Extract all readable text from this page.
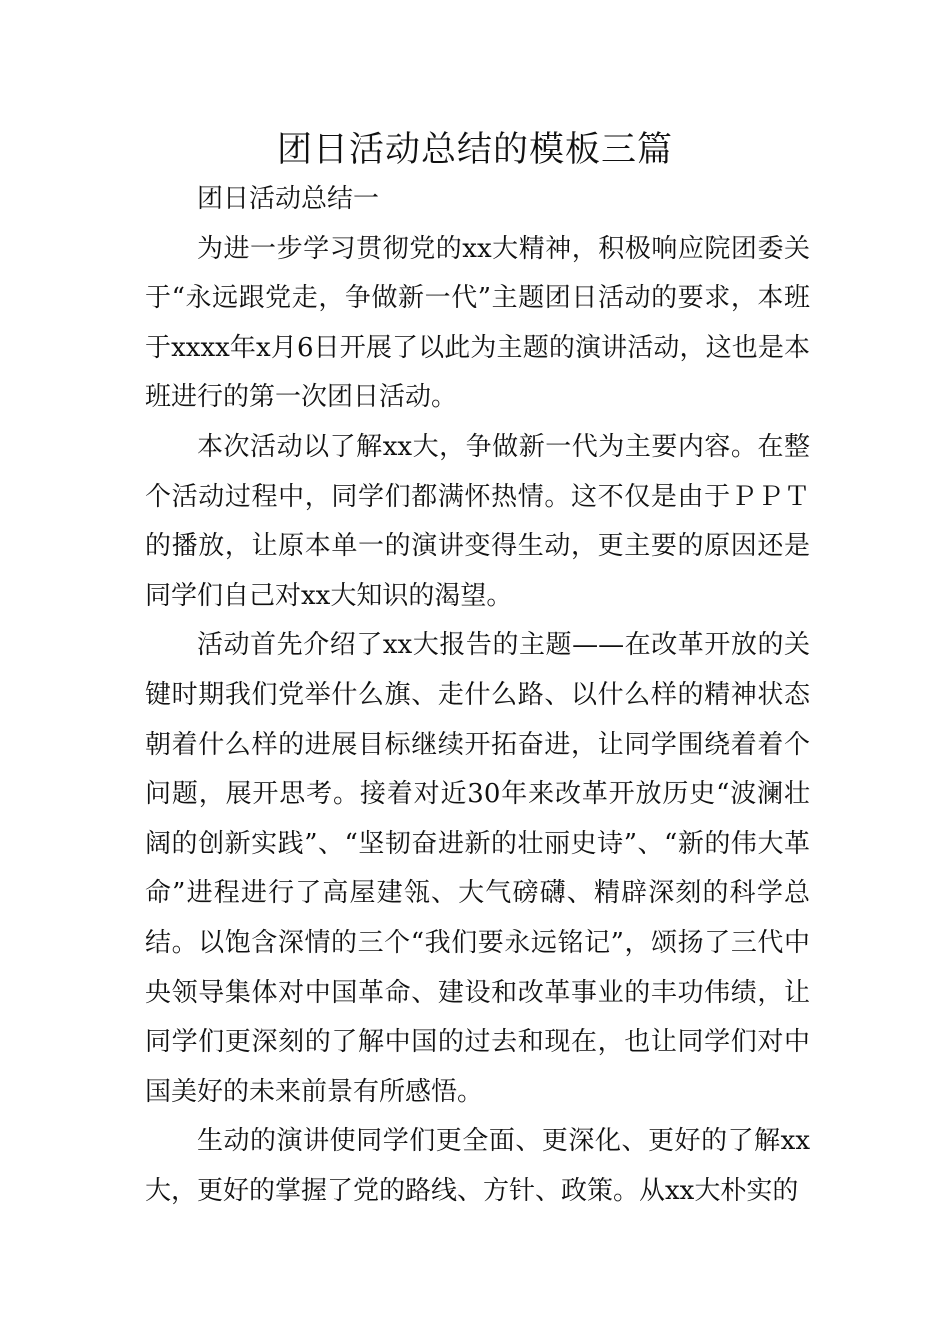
团日活动总结的模板三篇

团日活动总结一

为进一步学习贯彻党的xx大精神，积极响应院团委关于“永远跟党走，争做新一代”主题团日活动的要求，本班于xxxx年x月6日开展了以此为主题的演讲活动，这也是本班进行的第一次团日活动。

本次活动以了解xx大，争做新一代为主要内容。在整个活动过程中，同学们都满怀热情。这不仅是由于ＰＰＴ的播放，让原本单一的演讲变得生动，更主要的原因还是同学们自己对xx大知识的渴望。

活动首先介绍了xx大报告的主题——在改革开放的关键时期我们党举什么旗、走什么路、以什么样的精神状态朝着什么样的进展目标继续开拓奋进，让同学围绕着着个问题，展开思考。接着对近30年来改革开放历史“波澜壮阔的创新实践”、“坚韧奋进新的壮丽史诗”、“新的伟大革命”进程进行了高屋建瓴、大气磅礴、精辟深刻的科学总结。以饱含深情的三个“我们要永远铭记”，颂扬了三代中央领导集体对中国革命、建设和改革事业的丰功伟绩，让同学们更深刻的了解中国的过去和现在，也让同学们对中国美好的未来前景有所感悟。

生动的演讲使同学们更全面、更深化、更好的了解xx大，更好的掌握了党的路线、方针、政策。从xx大朴实的
